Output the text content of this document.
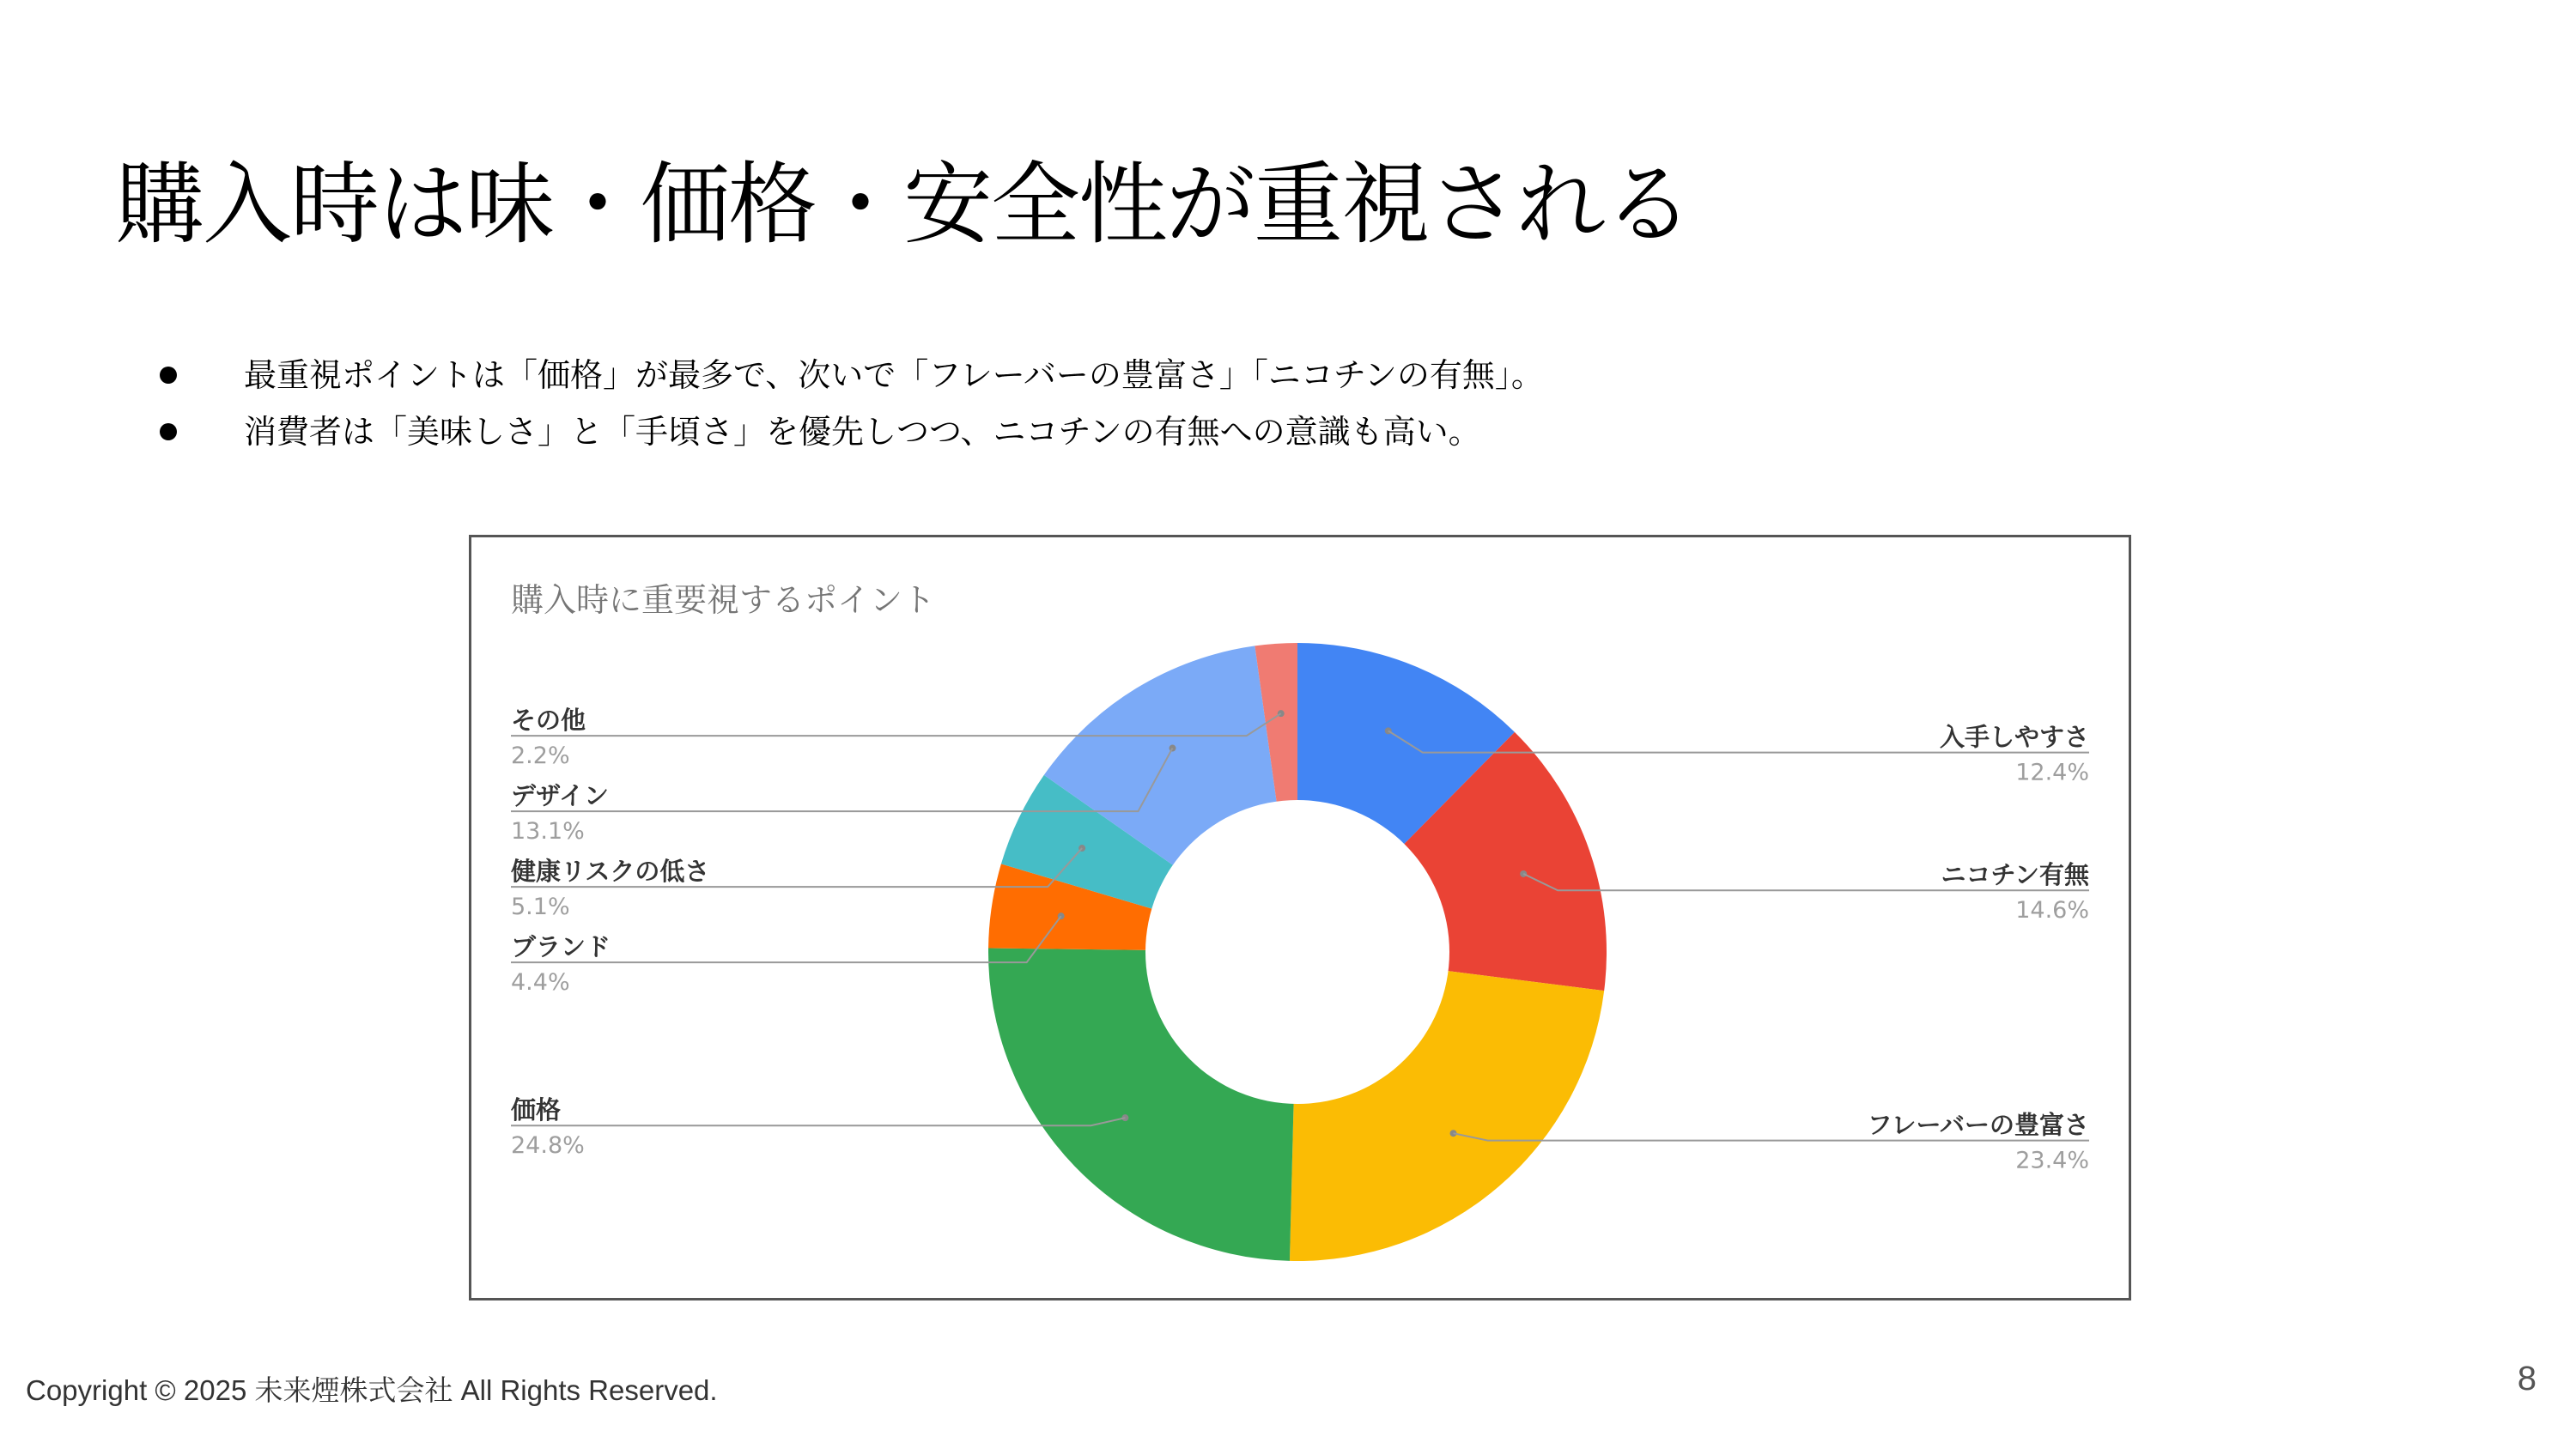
購入時は味・価格・安全性が重視される
最重視ポイントは「価格」が最多で、次いで「フレーバーの豊富さ」「ニコチンの有無」。
消費者は「美味しさ」と「手頃さ」を優先しつつ、ニコチンの有無への意識も高い。
購入時に重要視するポイント
その他
2.2%
デザイン
13.1%
健康リスクの低さ
5.1%
ブランド
4.4%
価格
24.8%
入手しやすさ
12.4%
ニコチン有無
14.6%
フレーバーの豊富さ
23.4%
Copyright © 2025 未来煙株式会社 All Rights Reserved.	8
